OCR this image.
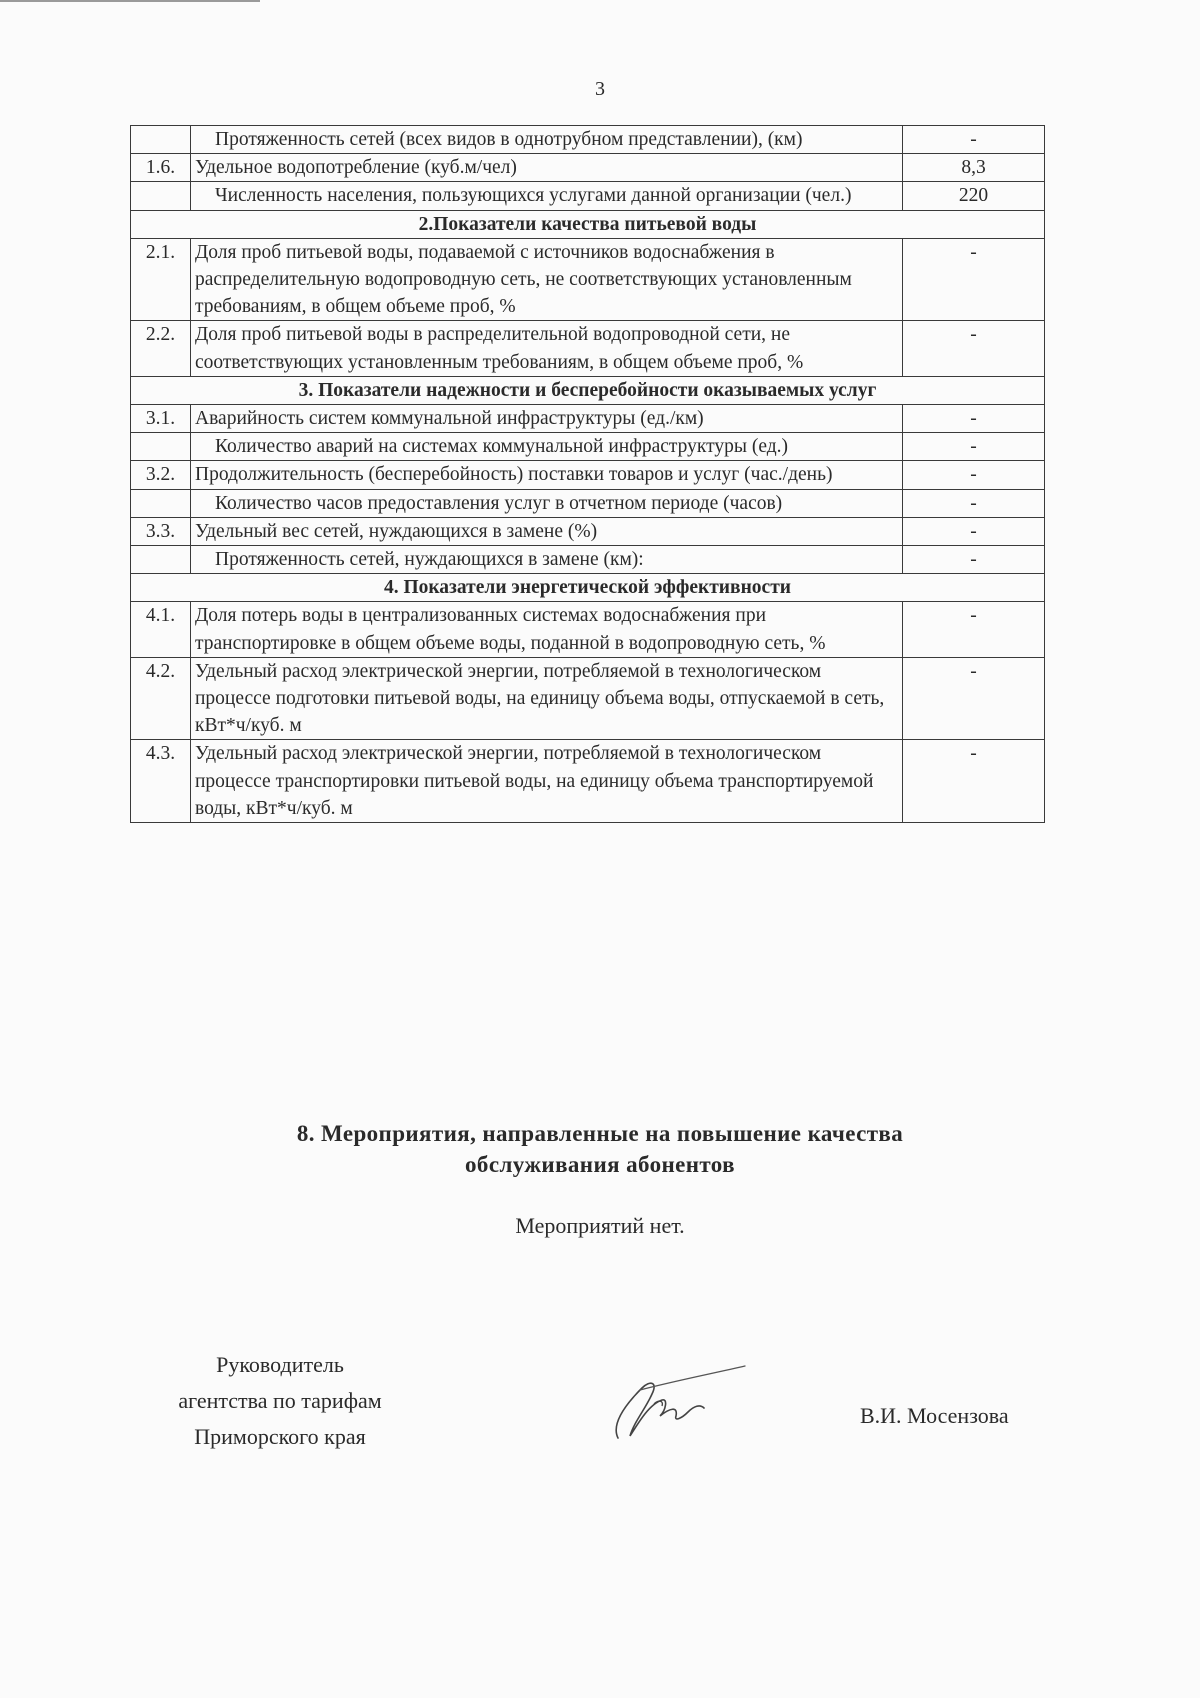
3
	Протяженность сетей (всех видов в однотрубном представлении), (км)	-
1.6.	Удельное водопотребление (куб.м/чел)	8,3
	Численность населения, пользующихся услугами данной организации (чел.)	220
2.Показатели качества питьевой воды		
2.1.	Доля проб питьевой воды, подаваемой с источников водоснабжения в распределительную водопроводную сеть, не соответствующих установленным требованиям, в общем объеме проб, %	-
2.2.	Доля проб питьевой воды в распределительной водопроводной сети, не соответствующих установленным требованиям, в общем объеме проб, %	-
3. Показатели надежности и бесперебойности оказываемых услуг		
3.1.	Аварийность систем коммунальной инфраструктуры (ед./км)	-
	Количество аварий на системах коммунальной инфраструктуры (ед.)	-
3.2.	Продолжительность (бесперебойность) поставки товаров и услуг (час./день)	-
	Количество часов предоставления услуг в отчетном периоде (часов)	-
3.3.	Удельный вес сетей, нуждающихся в замене (%)	-
	Протяженность сетей, нуждающихся в замене (км):	-
4. Показатели энергетической эффективности		
4.1.	Доля потерь воды в централизованных системах водоснабжения при транспортировке в общем объеме воды, поданной в водопроводную сеть, %	-
4.2.	Удельный расход электрической энергии, потребляемой в технологическом процессе подготовки питьевой воды, на единицу объема воды, отпускаемой в сеть, кВт*ч/куб. м	-
4.3.	Удельный расход электрической энергии, потребляемой в технологическом процессе транспортировки питьевой воды, на единицу объема транспортируемой воды, кВт*ч/куб. м	-
8. Мероприятия, направленные на повышение качества
обслуживания абонентов
Мероприятий нет.
Руководитель
агентства по тарифам
Приморского края
В.И. Мосензова
